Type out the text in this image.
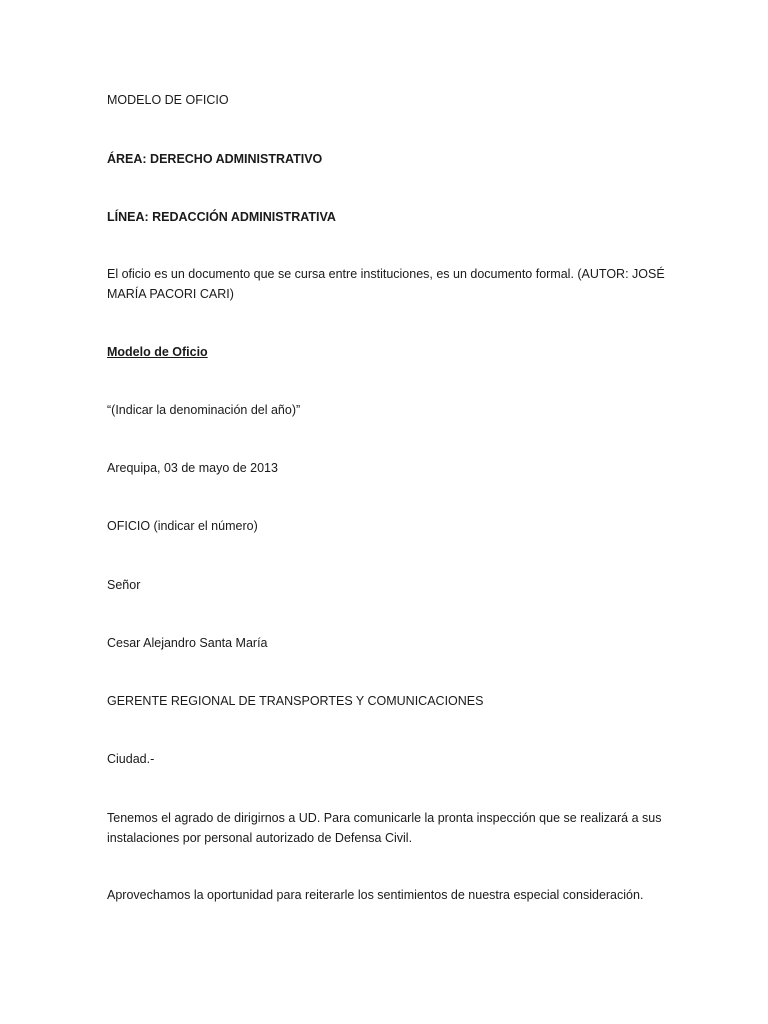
MODELO DE OFICIO

ÁREA: DERECHO ADMINISTRATIVO

LÍNEA: REDACCIÓN ADMINISTRATIVA

El oficio es un documento que se cursa entre instituciones, es un documento formal. (AUTOR: JOSÉ MARÍA PACORI CARI)

Modelo de Oficio

“(Indicar la denominación del año)”

Arequipa, 03 de mayo de 2013

OFICIO (indicar el número)

Señor

Cesar Alejandro Santa María

GERENTE REGIONAL DE TRANSPORTES Y COMUNICACIONES

Ciudad.-

Tenemos el agrado de dirigirnos a UD. Para comunicarle la pronta inspección que se realizará a sus instalaciones por personal autorizado de Defensa Civil.

Aprovechamos la oportunidad para reiterarle los sentimientos de nuestra especial consideración.
